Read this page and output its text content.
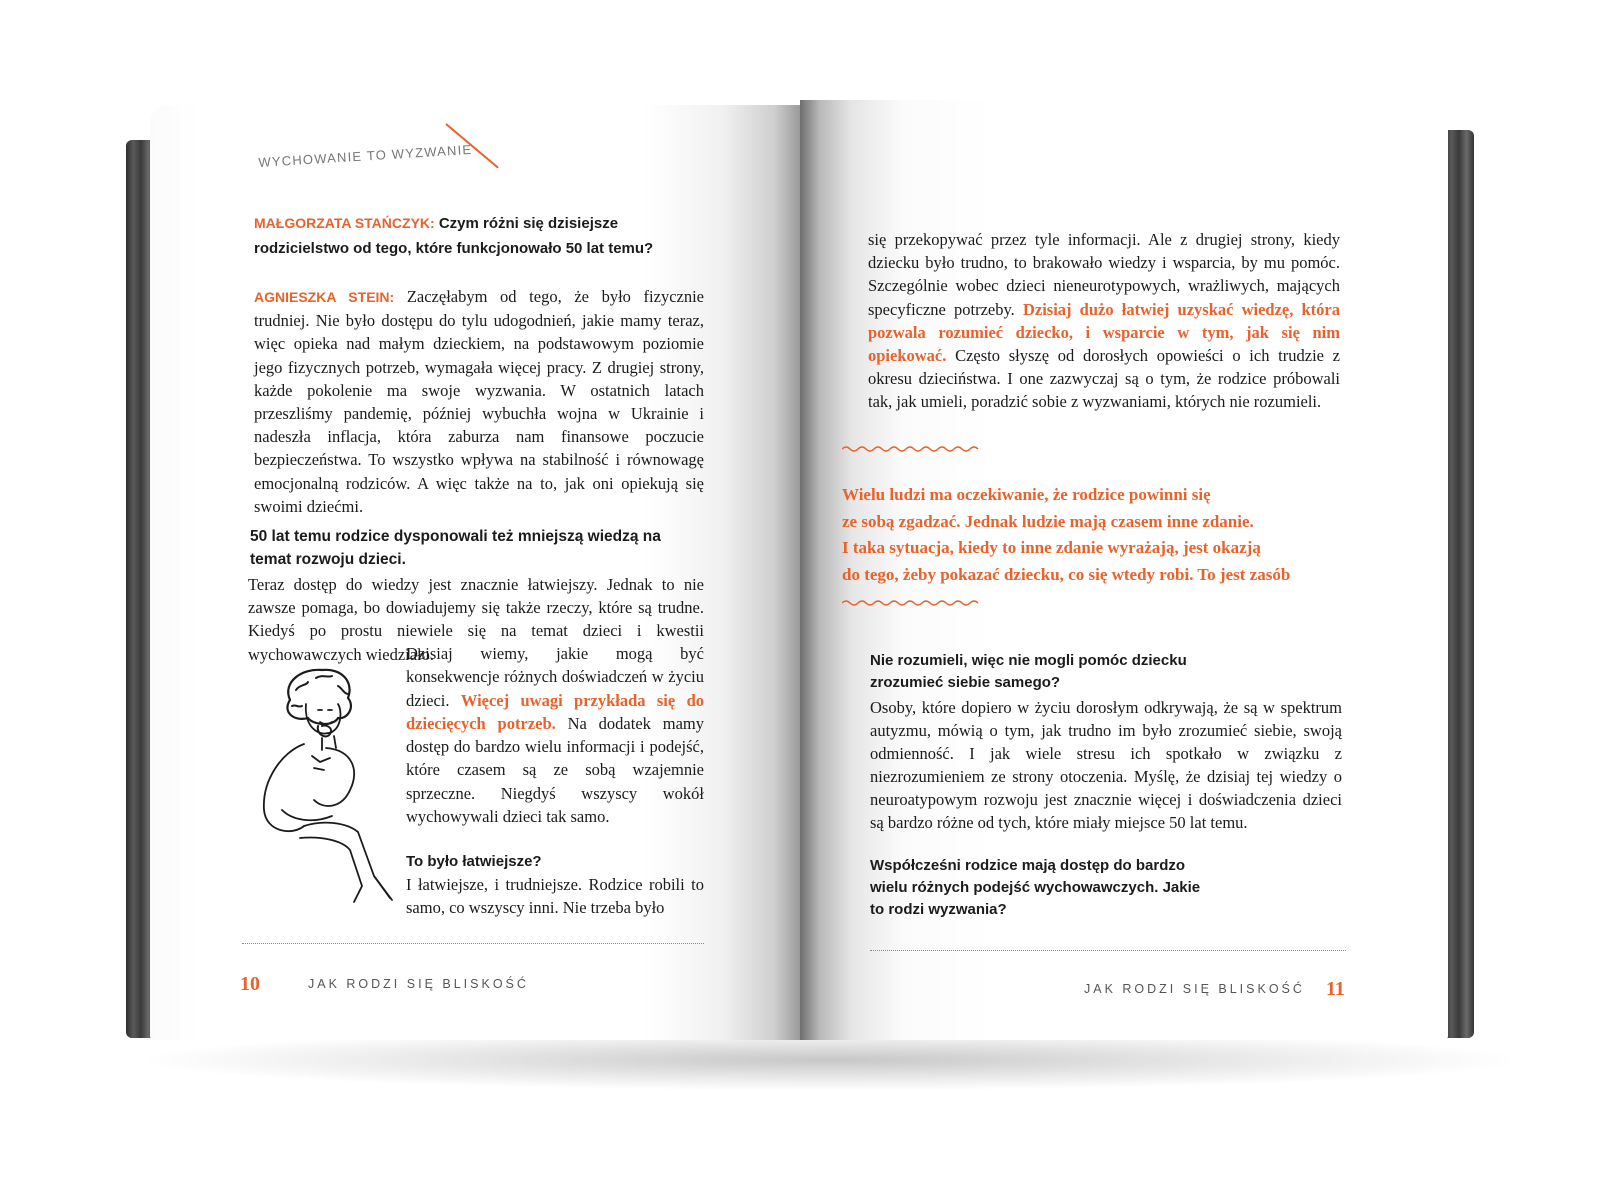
WYCHOWANIE TO WYZWANIE
MAŁGORZATA STAŃCZYK: Czym różni się dzisiejsze rodzicielstwo od tego, które funkcjonowało 50 lat temu?
AGNIESZKA STEIN: Zaczęłabym od tego, że było fizycznie trudniej. Nie było dostępu do tylu udogodnień, jakie mamy teraz, więc opieka nad małym dzieckiem, na podstawowym poziomie jego fizycznych potrzeb, wymagała więcej pracy. Z drugiej strony, każde pokolenie ma swoje wyzwania. W ostatnich latach przeszliśmy pandemię, później wybuchła wojna w Ukrainie i nadeszła inflacja, która zaburza nam finansowe poczucie bezpieczeństwa. To wszystko wpływa na stabilność i równowagę emocjonalną rodziców. A więc także na to, jak oni opiekują się swoimi dziećmi.
50 lat temu rodzice dysponowali też mniejszą wiedzą na temat rozwoju dzieci.
Teraz dostęp do wiedzy jest znacznie łatwiejszy. Jednak to nie zawsze pomaga, bo dowiadujemy się także rzeczy, które są trudne. Kiedyś po prostu niewiele się na temat dzieci i kwestii wychowawczych wiedziało.
Dzisiaj wiemy, jakie mogą być konsekwencje różnych doświadczeń w życiu dzieci. Więcej uwagi przykłada się do dziecięcych potrzeb. Na dodatek mamy dostęp do bardzo wielu informacji i podejść, które czasem są ze sobą wzajemnie sprzeczne. Niegdyś wszyscy wokół wychowywali dzieci tak samo.
To było łatwiejsze?
I łatwiejsze, i trudniejsze. Rodzice robili to samo, co wszyscy inni. Nie trzeba było
10	JAK RODZI SIĘ BLISKOŚĆ
się przekopywać przez tyle informacji. Ale z drugiej strony, kiedy dziecku było trudno, to brakowało wiedzy i wsparcia, by mu pomóc. Szczególnie wobec dzieci nieneurotypowych, wrażliwych, mających specyficzne potrzeby. Dzisiaj dużo łatwiej uzyskać wiedzę, która pozwala rozumieć dziecko, i wsparcie w tym, jak się nim opiekować. Często słyszę od dorosłych opowieści o ich trudzie z okresu dzieciństwa. I one zazwyczaj są o tym, że rodzice próbowali tak, jak umieli, poradzić sobie z wyzwaniami, których nie rozumieli.
Wielu ludzi ma oczekiwanie, że rodzice powinni się
ze sobą zgadzać. Jednak ludzie mają czasem inne zdanie.
I taka sytuacja, kiedy to inne zdanie wyrażają, jest okazją
do tego, żeby pokazać dziecku, co się wtedy robi. To jest zasób
Nie rozumieli, więc nie mogli pomóc dziecku zrozumieć siebie samego?
Osoby, które dopiero w życiu dorosłym odkrywają, że są w spektrum autyzmu, mówią o tym, jak trudno im było zrozumieć siebie, swoją odmienność. I jak wiele stresu ich spotkało w związku z niezrozumieniem ze strony otoczenia. Myślę, że dzisiaj tej wiedzy o neuroatypowym rozwoju jest znacznie więcej i doświadczenia dzieci są bardzo różne od tych, które miały miejsce 50 lat temu.
Współcześni rodzice mają dostęp do bardzo wielu różnych podejść wychowawczych. Jakie to rodzi wyzwania?
JAK RODZI SIĘ BLISKOŚĆ 11
